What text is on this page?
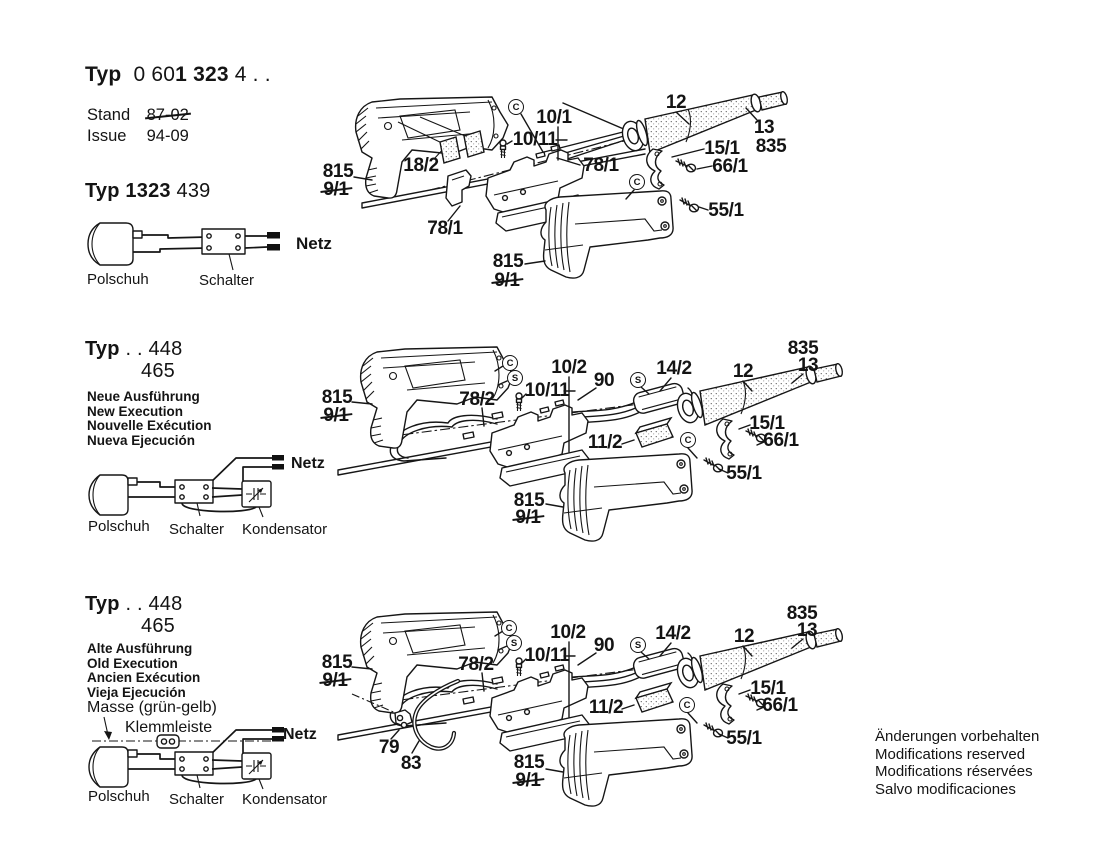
Typ 0 601 323 4 . .
Stand 87-02
Issue 94-09
Typ 1323 439
Polschuh	Schalter
Netz
12
13
835
10/1
10/11
815
9/1
18/2	78/1
15/1
66/1
78/1
55/1
815
9/1
C
C
Typ . . 448
465
Neue Ausführung
New Execution
Nouvelle Exécution
Nueva Ejecución
Polschuh Schalter Kondensator
Netz
835
13
12
10/2
90
14/2
10/11
815
9/1
78/2
15/1
66/1
11/2
55/1
815
9/1
C
S	S
C
Typ . . 448
465
Alte Ausführung
Old Execution
Ancien Exécution
Vieja Ejecución
Masse (grün-gelb)
Klemmleiste
Polschuh Schalter Kondensator
Netz
835
13
12
10/2
90
14/2
10/11
815
9/1
78/2
15/1
66/1
11/2
79
83
55/1
815
9/1
C
S	S
C
Änderungen vorbehalten
Modifications reserved
Modifications réservées
Salvo modificaciones
